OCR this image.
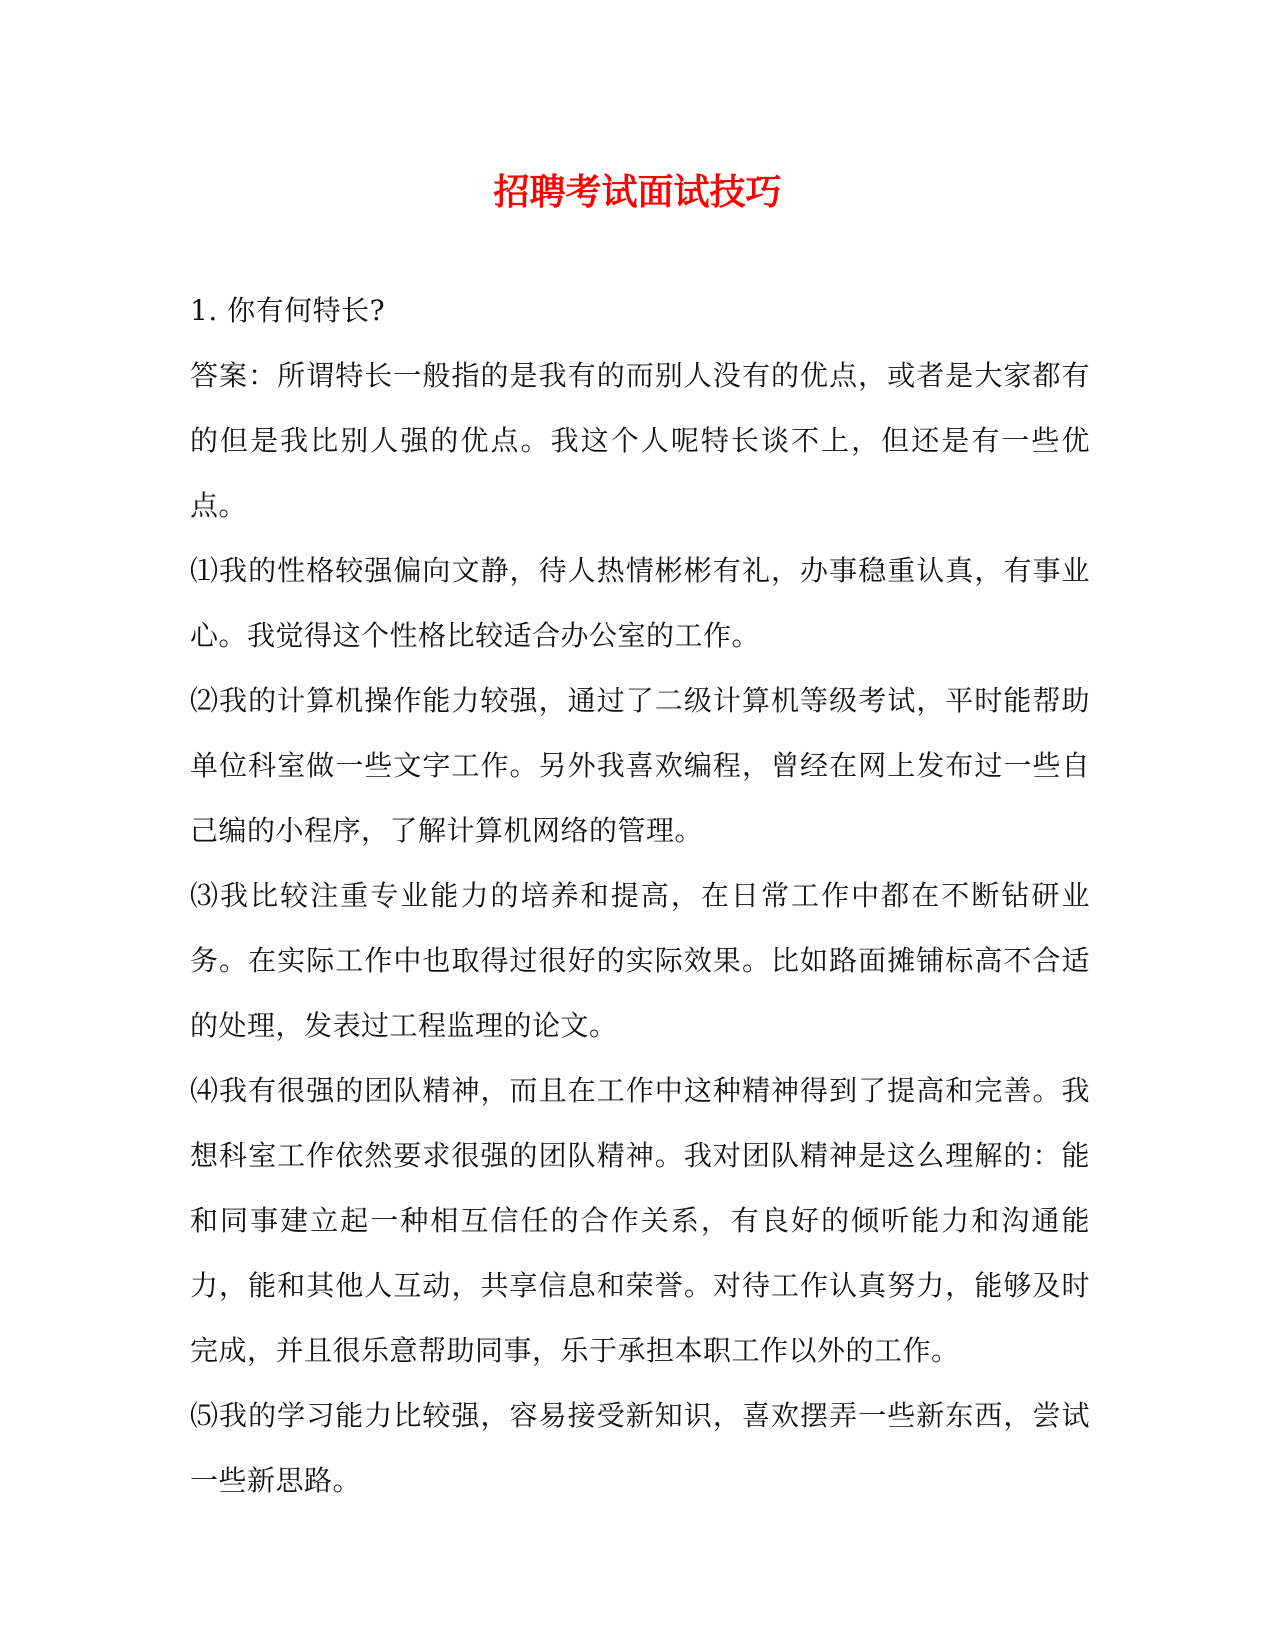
招聘考试面试技巧

1. 你有何特长?

答案：所谓特长一般指的是我有的而别人没有的优点，或者是大家都有的但是我比别人强的优点。我这个人呢特长谈不上，但还是有一些优点。

⑴我的性格较强偏向文静，待人热情彬彬有礼，办事稳重认真，有事业心。我觉得这个性格比较适合办公室的工作。

⑵我的计算机操作能力较强，通过了二级计算机等级考试，平时能帮助单位科室做一些文字工作。另外我喜欢编程，曾经在网上发布过一些自己编的小程序，了解计算机网络的管理。

⑶我比较注重专业能力的培养和提高，在日常工作中都在不断钻研业务。在实际工作中也取得过很好的实际效果。比如路面摊铺标高不合适的处理，发表过工程监理的论文。

⑷我有很强的团队精神，而且在工作中这种精神得到了提高和完善。我想科室工作依然要求很强的团队精神。我对团队精神是这么理解的：能和同事建立起一种相互信任的合作关系，有良好的倾听能力和沟通能力，能和其他人互动，共享信息和荣誉。对待工作认真努力，能够及时完成，并且很乐意帮助同事，乐于承担本职工作以外的工作。

⑸我的学习能力比较强，容易接受新知识，喜欢摆弄一些新东西，尝试一些新思路。
